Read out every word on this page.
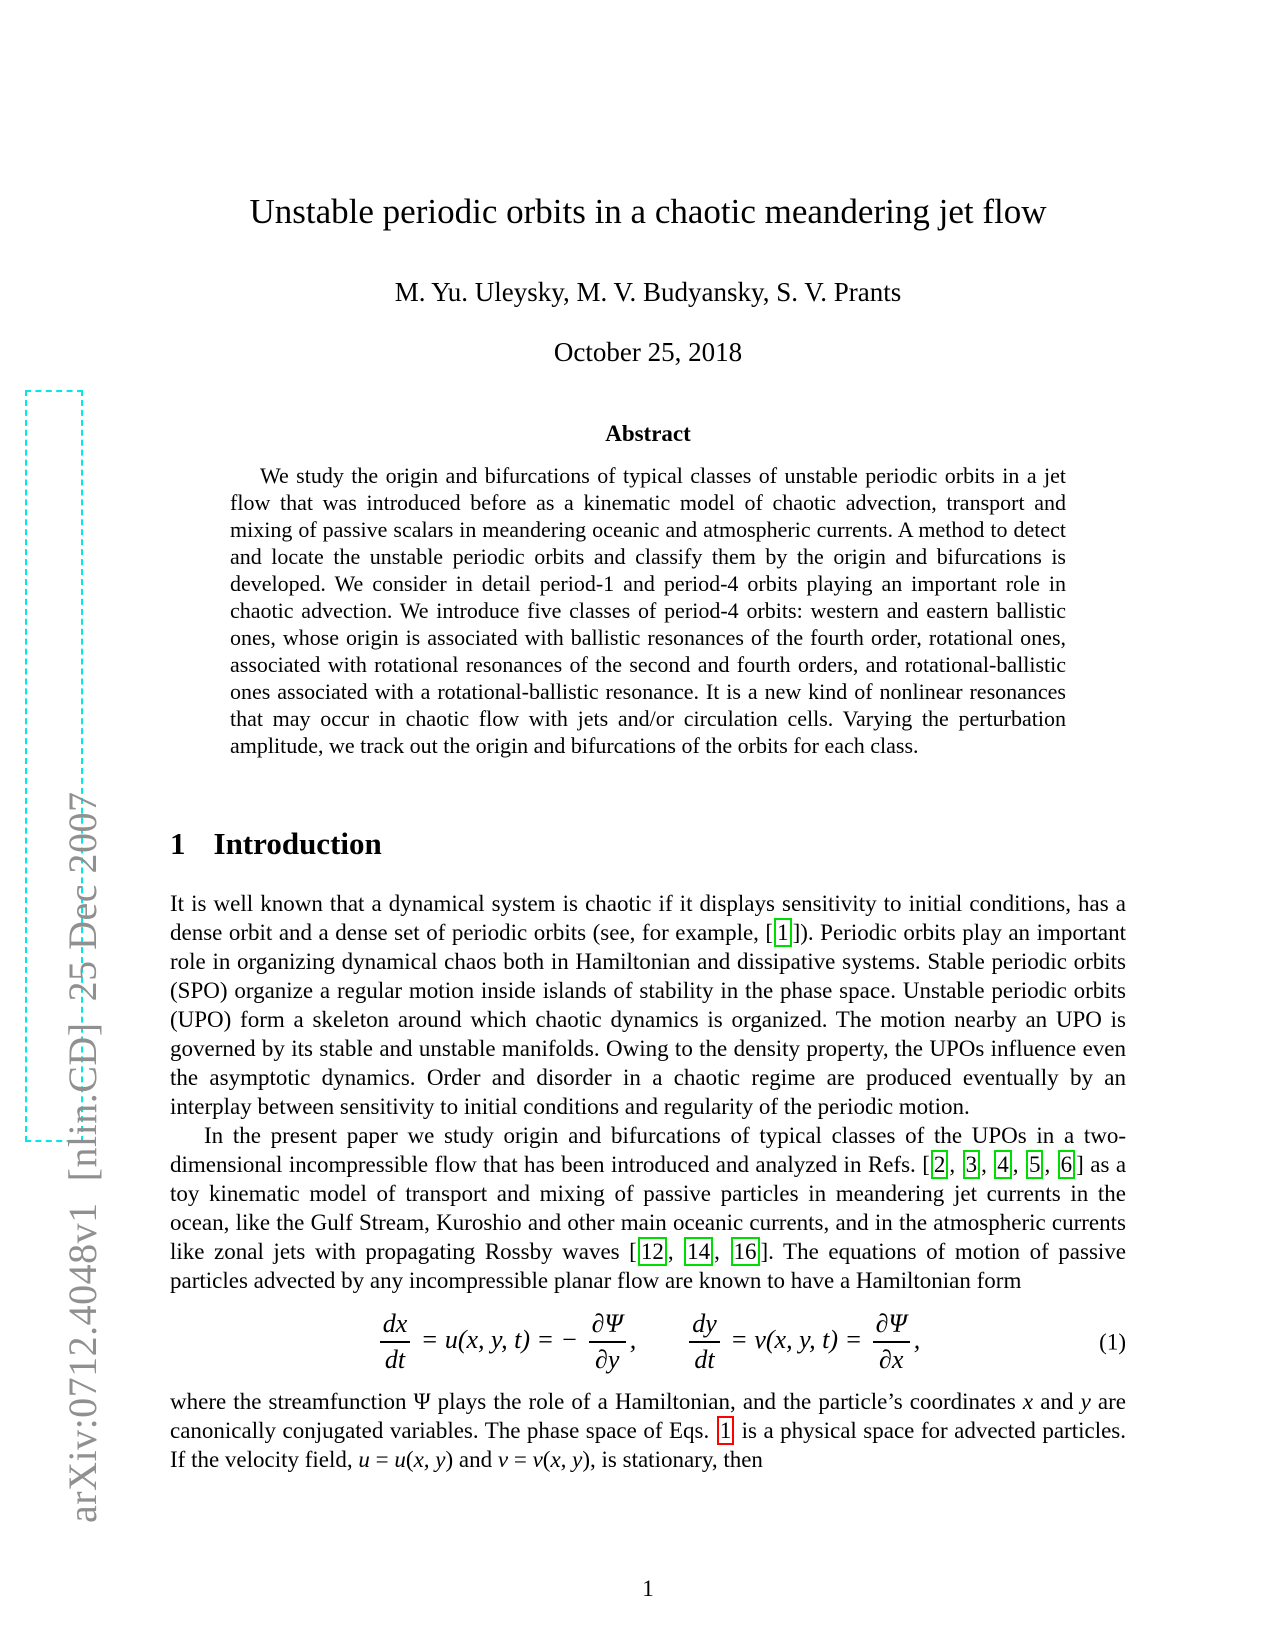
arXiv:0712.4048v1  [nlin.CD]  25 Dec 2007
Unstable periodic orbits in a chaotic meandering jet flow
M. Yu. Uleysky, M. V. Budyansky, S. V. Prants
October 25, 2018
Abstract
We study the origin and bifurcations of typical classes of unstable periodic orbits in a jet flow that was introduced before as a kinematic model of chaotic advection, transport and mixing of passive scalars in meandering oceanic and atmospheric currents. A method to detect and locate the unstable periodic orbits and classify them by the origin and bifurcations is developed. We consider in detail period-1 and period-4 orbits playing an important role in chaotic advection. We introduce five classes of period-4 orbits: western and eastern ballistic ones, whose origin is associated with ballistic resonances of the fourth order, rotational ones, associated with rotational resonances of the second and fourth orders, and rotational-ballistic ones associated with a rotational-ballistic resonance. It is a new kind of nonlinear resonances that may occur in chaotic flow with jets and/or circulation cells. Varying the perturbation amplitude, we track out the origin and bifurcations of the orbits for each class.
1 Introduction

It is well known that a dynamical system is chaotic if it displays sensitivity to initial conditions, has a dense orbit and a dense set of periodic orbits (see, for example, [ 1 ]). Periodic orbits play an important role in organizing dynamical chaos both in Hamiltonian and dissipative systems. Stable periodic orbits (SPO) organize a regular motion inside islands of stability in the phase space. Unstable periodic orbits (UPO) form a skeleton around which chaotic dynamics is organized. The motion nearby an UPO is governed by its stable and unstable manifolds. Owing to the density property, the UPOs influence even the asymptotic dynamics. Order and disorder in a chaotic regime are produced eventually by an interplay between sensitivity to initial conditions and regularity of the periodic motion.

In the present paper we study origin and bifurcations of typical classes of the UPOs in a two-dimensional incompressible flow that has been introduced and analyzed in Refs. [ 2 , 3 , 4 , 5 , 6 ] as a toy kinematic model of transport and mixing of passive particles in meandering jet currents in the ocean, like the Gulf Stream, Kuroshio and other main oceanic currents, and in the atmospheric currents like zonal jets with propagating Rossby waves [ 12 , 14 , 16 ]. The equations of motion of passive particles advected by any incompressible planar flow are known to have a Hamiltonian form

$\frac{dx}{dt} = u(x$, y, t) = − $\frac{\partial\Psi}{\partial y}$ , $\frac{dy}{dt} = v(x$, y, $t) = \frac{\partial\Psi}{\partial x}$ ,	(1)

where the streamfunction Ψ plays the role of a Hamiltonian, and the particle’s coordinates x and y are canonically conjugated variables. The phase space of Eqs. 1 is a physical space for advected particles. If the velocity field, u = u(x, y) and v = v(x, y), is stationary, then

1
